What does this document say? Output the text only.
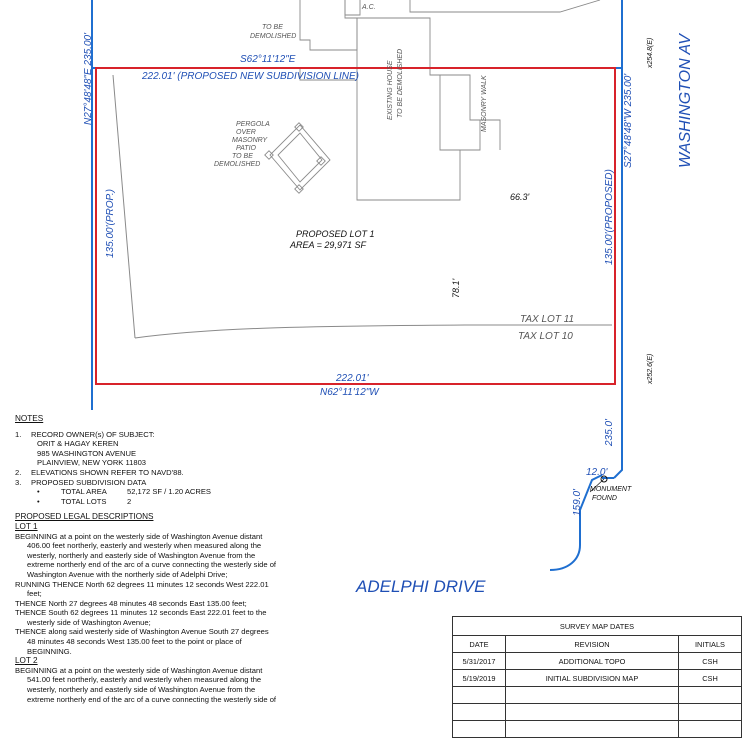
S62°11'12"E
222.01' (PROPOSED NEW SUBDIVISION LINE)
N62°11'12"W
222.01'
N27°48'48"E 235.00'
135.00'(PROP.)
S27°48'48"W 235.00'
135.00'(PROPOSED)
WASHINGTON AV
ADELPHI DRIVE
PROPOSED LOT 1
AREA = 29,971 SF
66.3'
78.1'
TAX LOT 11
TAX LOT 10
TO BE
DEMOLISHED
A.C.
PERGOLA
OVER
MASONRY
PATIO
TO BE
DEMOLISHED
EXISTING HOUSE TO BE DEMOLISHED	MASONRY WALK
235.0'
12.0'
159.0' MONUMENT
FOUND
x254.8(E)
x252.6(E)

NOTES

1.	RECORD OWNER(s) OF SUBJECT:
ORIT & HAGAY KEREN
985 WASHINGTON AVENUE
PLAINVIEW, NEW YORK 11803
2.	ELEVATIONS SHOWN REFER TO NAVD'88.
3.	PROPOSED SUBDIVISION DATA
•	TOTAL AREA	52,172 SF / 1.20 ACRES
•	TOTAL LOTS	2

PROPOSED LEGAL DESCRIPTIONS

LOT 1

BEGINNING at a point on the westerly side of Washington Avenue distant
406.00 feet northerly, easterly and westerly when measured along the
westerly, northerly and easterly side of Washington Avenue from the
extreme northerly end of the arc of a curve connecting the westerly side of
Washington Avenue with the northerly side of Adelphi Drive;

RUNNING THENCE North 62 degrees 11 minutes 12 seconds West 222.01
feet;

THENCE North 27 degrees 48 minutes 48 seconds East 135.00 feet;

THENCE South 62 degrees 11 minutes 12 seconds East 222.01 feet to the
westerly side of Washington Avenue;

THENCE along said westerly side of Washington Avenue South 27 degrees
48 minutes 48 seconds West 135.00 feet to the point or place of
BEGINNING.

LOT 2

BEGINNING at a point on the westerly side of Washington Avenue distant
541.00 feet northerly, easterly and westerly when measured along the
westerly, northerly and easterly side of Washington Avenue from the
extreme northerly end of the arc of a curve connecting the westerly side of

SURVEY MAP DATES		
DATE	REVISION	INITIALS
5/31/2017	ADDITIONAL TOPO	CSH
5/19/2019	INITIAL SUBDIVISION MAP	CSH
